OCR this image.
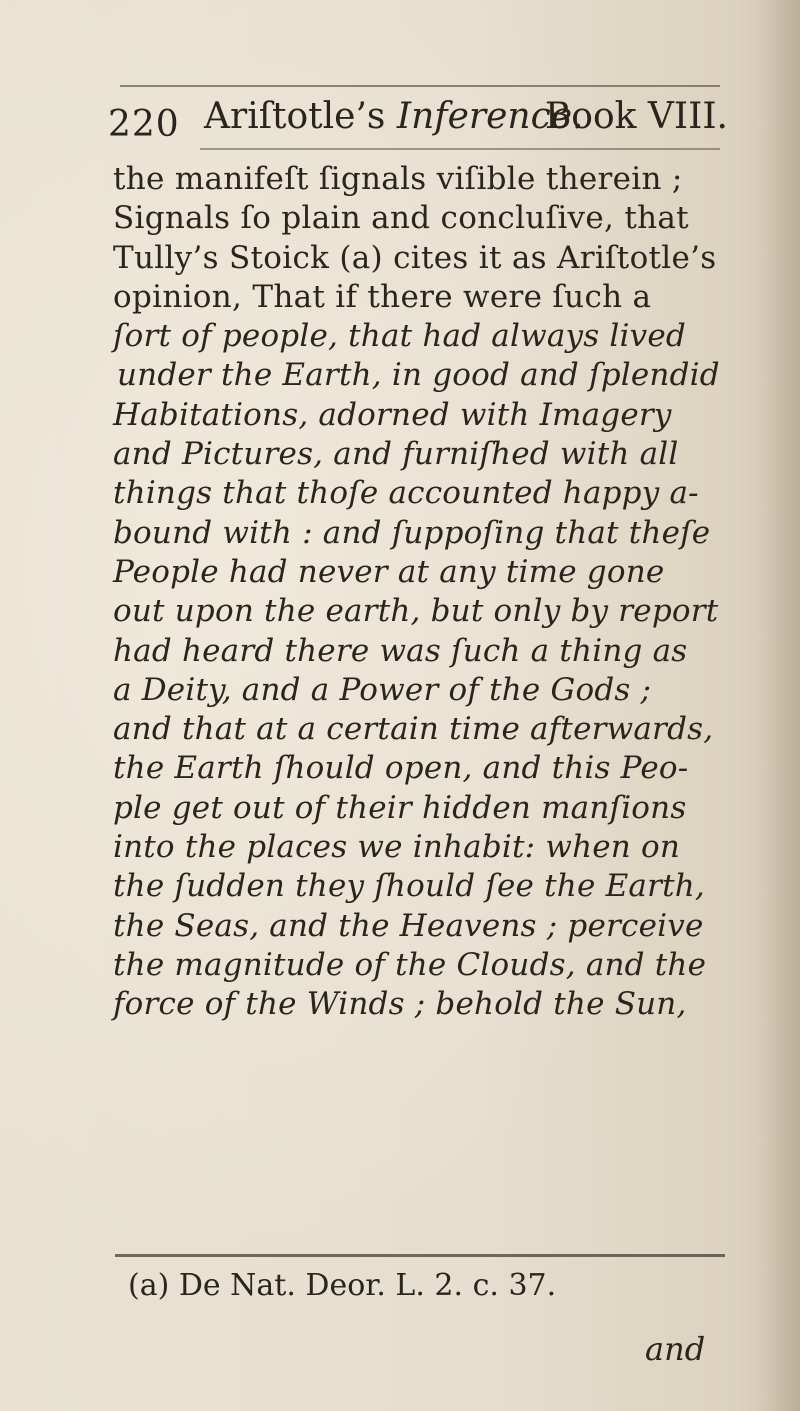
220 Ariſtotle’s Inference.
Book VIII.
the manifeſt ſignals viſible therein ;
Signals ſo plain and concluſive, that
Tully’s Stoick (a) cites it as Ariſtotle’s
opinion, That if there were ſuch a
ſort of people, that had always lived
under the Earth, in good and ſplendid
Habitations, adorned with Imagery
and Pictures, and furniſhed with all
things that thoſe accounted happy a-
bound with : and ſuppoſing that theſe
People had never at any time gone
out upon the earth, but only by report
had heard there was ſuch a thing as
a Deity, and a Power of the Gods ;
and that at a certain time afterwards,
the Earth ſhould open, and this Peo-
ple get out of their hidden manſions
into the places we inhabit: when on
the ſudden they ſhould ſee the Earth,
the Seas, and the Heavens ; perceive
the magnitude of the Clouds, and the
force of the Winds ; behold the Sun,
(a) De Nat. Deor. L. 2. c. 37.
and
